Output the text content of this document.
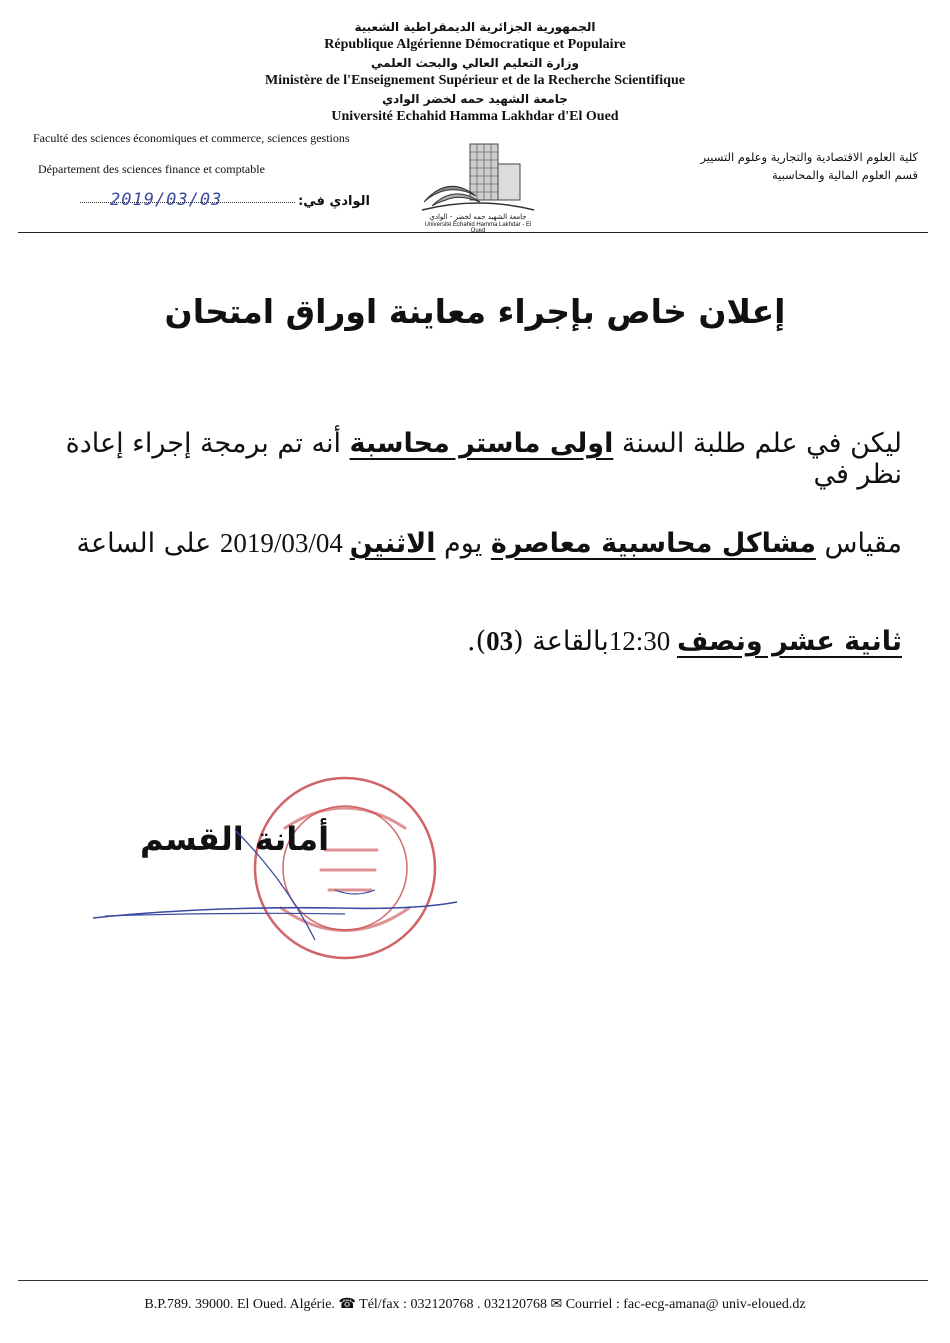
الجمهورية الجزائرية الديمقراطية الشعبية
République Algérienne Démocratique et Populaire
وزارة التعليم العالي والبحث العلمي
Ministère de l'Enseignement Supérieur et de la Recherche Scientifique
جامعة الشهيد حمه لخضر الوادي
Université Echahid Hamma Lakhdar d'El Oued
Faculté des sciences économiques et commerce, sciences gestions
Département des sciences finance et comptable
الوادي في:
2019/03/03
كلية العلوم الاقتصادية والتجارية وعلوم التسيير
قسم العلوم المالية والمحاسبية
جامعة الشهيد حمه لخضر - الوادي
Université Echahid Hamma Lakhdar - El Oued
إعلان خاص بإجراء معاينة اوراق امتحان
ليكن في علم طلبة السنة اولى ماستر محاسبة أنه تم برمجة إجراء إعادة نظر في
مقياس مشاكل محاسبية معاصرة يوم الاثنين 2019/03/04 على الساعة
ثانية عشر ونصف 12:30بالقاعة (03).
أمانة القسم
B.P.789. 39000. El Oued. Algérie. ☎ Tél/fax : 032120768 . 032120768 ✉ Courriel : fac-ecg-amana@ univ-eloued.dz
